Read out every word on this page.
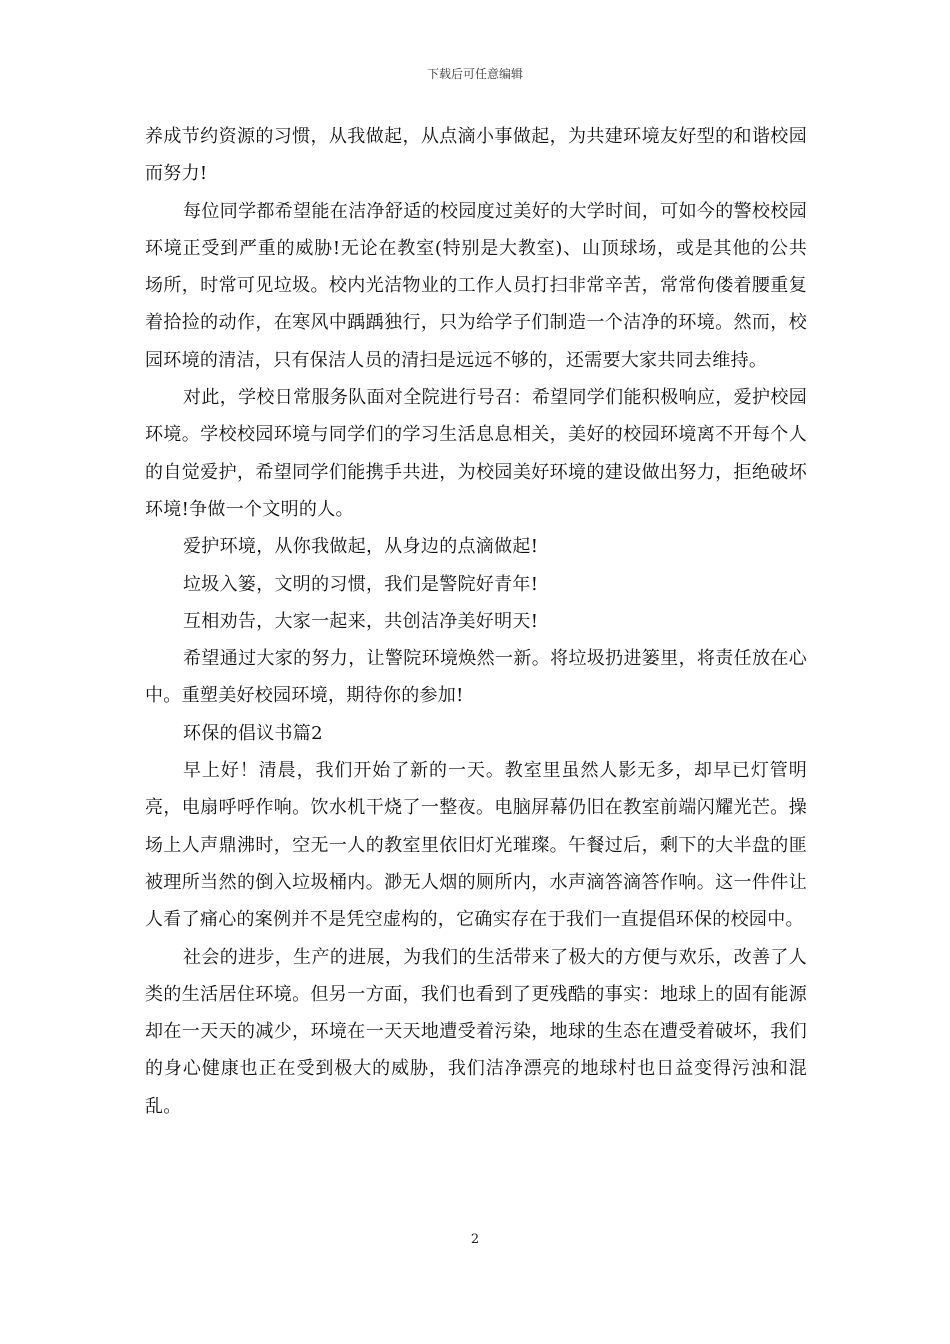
下载后可任意编辑

养成节约资源的习惯，从我做起，从点滴小事做起，为共建环境友好型的和谐校园而努力!

每位同学都希望能在洁净舒适的校园度过美好的大学时间，可如今的警校校园环境正受到严重的威胁!无论在教室(特别是大教室)、山顶球场，或是其他的公共场所，时常可见垃圾。校内光洁物业的工作人员打扫非常辛苦，常常佝偻着腰重复着拾捡的动作，在寒风中踽踽独行，只为给学子们制造一个洁净的环境。然而，校园环境的清洁，只有保洁人员的清扫是远远不够的，还需要大家共同去维持。

对此，学校日常服务队面对全院进行号召：希望同学们能积极响应，爱护校园环境。学校校园环境与同学们的学习生活息息相关，美好的校园环境离不开每个人的自觉爱护，希望同学们能携手共进，为校园美好环境的建设做出努力，拒绝破坏环境!争做一个文明的人。

爱护环境，从你我做起，从身边的点滴做起!

垃圾入篓，文明的习惯，我们是警院好青年!

互相劝告，大家一起来，共创洁净美好明天!

希望通过大家的努力，让警院环境焕然一新。将垃圾扔进篓里，将责任放在心中。重塑美好校园环境，期待你的参加!

环保的倡议书篇2

早上好！清晨，我们开始了新的一天。教室里虽然人影无多，却早已灯管明亮，电扇呼呼作响。饮水机干烧了一整夜。电脑屏幕仍旧在教室前端闪耀光芒。操场上人声鼎沸时，空无一人的教室里依旧灯光璀璨。午餐过后，剩下的大半盘的匪被理所当然的倒入垃圾桶内。渺无人烟的厕所内，水声滴答滴答作响。这一件件让人看了痛心的案例并不是凭空虚构的，它确实存在于我们一直提倡环保的校园中。

社会的进步，生产的进展，为我们的生活带来了极大的方便与欢乐，改善了人类的生活居住环境。但另一方面，我们也看到了更残酷的事实：地球上的固有能源却在一天天的减少，环境在一天天地遭受着污染，地球的生态在遭受着破坏，我们的身心健康也正在受到极大的威胁，我们洁净漂亮的地球村也日益变得污浊和混乱。

2
